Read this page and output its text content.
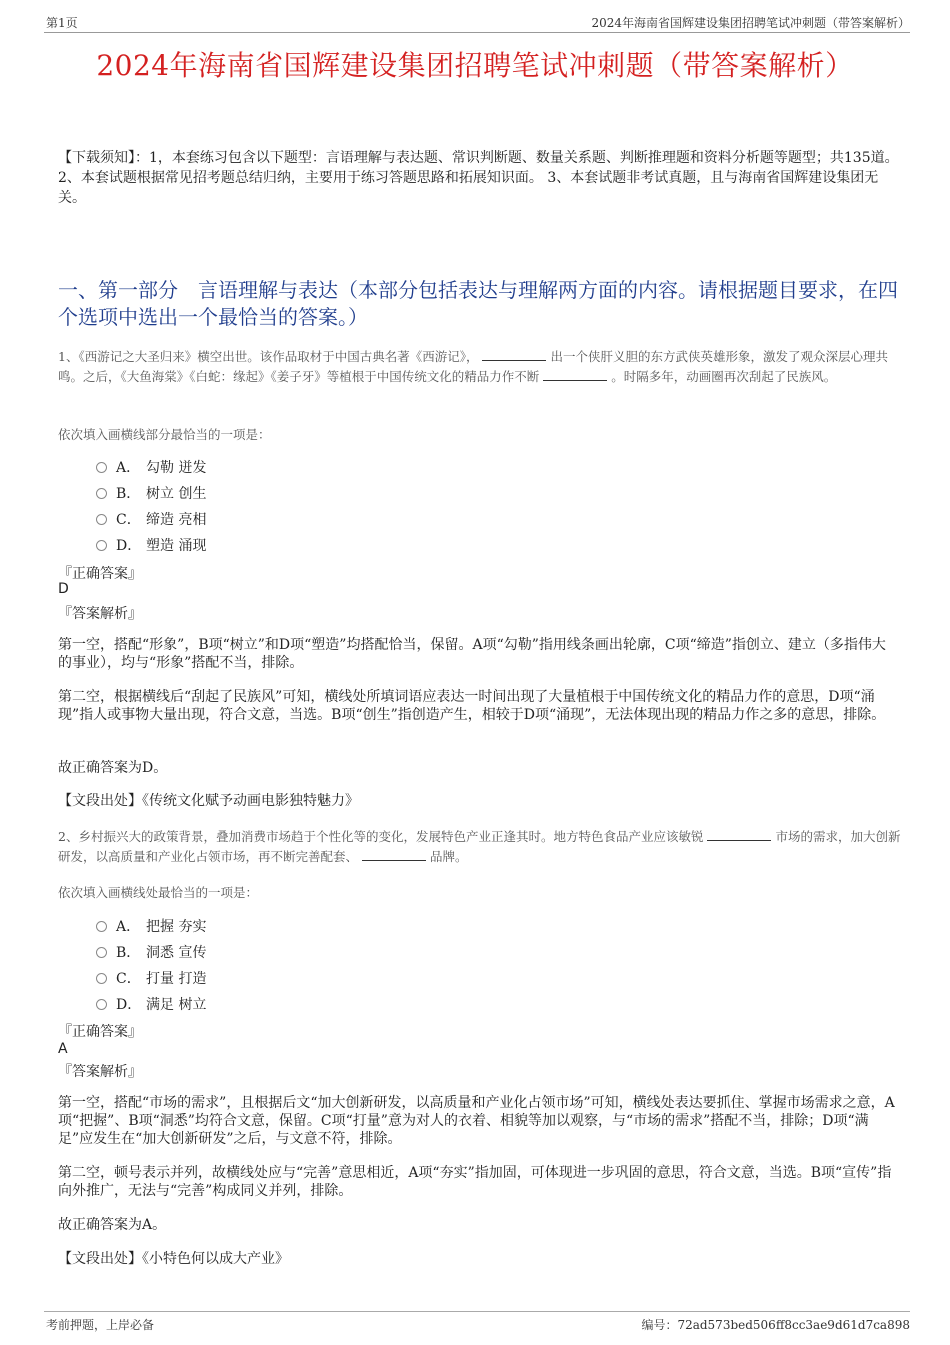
第1页	2024年海南省国辉建设集团招聘笔试冲刺题（带答案解析）
2024年海南省国辉建设集团招聘笔试冲刺题（带答案解析）
【下载须知】：1，本套练习包含以下题型：言语理解与表达题、常识判断题、数量关系题、判断推理题和资料分析题等题型；共135道。 2、本套试题根据常见招考题总结归纳，主要用于练习答题思路和拓展知识面。 3、本套试题非考试真题，且与海南省国辉建设集团无关。
一、第一部分　言语理解与表达（本部分包括表达与理解两方面的内容。请根据题目要求，在四个选项中选出一个最恰当的答案。）
1、《西游记之大圣归来》横空出世。该作品取材于中国古典名著《西游记》，	出一个侠肝义胆的东方武侠英雄形象，激发了观众深层心理共鸣。之后，《大鱼海棠》《白蛇：缘起》《姜子牙》等植根于中国传统文化的精品力作不断	。时隔多年，动画圈再次刮起了民族风。
依次填入画横线部分最恰当的一项是：
A． 勾勒 迸发
B． 树立 创生
C． 缔造 亮相
D． 塑造 涌现
『正确答案』
D
『答案解析』
第一空，搭配“形象”，B项“树立”和D项“塑造”均搭配恰当，保留。A项“勾勒”指用线条画出轮廓，C项“缔造”指创立、建立（多指伟大的事业），均与“形象”搭配不当，排除。
第二空，根据横线后“刮起了民族风”可知，横线处所填词语应表达一时间出现了大量植根于中国传统文化的精品力作的意思，D项“涌现”指人或事物大量出现，符合文意，当选。B项“创生”指创造产生，相较于D项“涌现”，无法体现出现的精品力作之多的意思，排除。
故正确答案为D。
【文段出处】《传统文化赋予动画电影独特魅力》
2、乡村振兴大的政策背景，叠加消费市场趋于个性化等的变化，发展特色产业正逢其时。地方特色食品产业应该敏锐	市场的需求，加大创新研发，以高质量和产业化占领市场，再不断完善配套、	品牌。
依次填入画横线处最恰当的一项是：
A． 把握 夯实
B． 洞悉 宣传
C． 打量 打造
D． 满足 树立
『正确答案』
A
『答案解析』
第一空，搭配“市场的需求”，且根据后文“加大创新研发，以高质量和产业化占领市场”可知，横线处表达要抓住、掌握市场需求之意，A项“把握”、B项“洞悉”均符合文意，保留。C项“打量”意为对人的衣着、相貌等加以观察，与“市场的需求”搭配不当，排除；D项“满足”应发生在“加大创新研发”之后，与文意不符，排除。
第二空，顿号表示并列，故横线处应与“完善”意思相近，A项“夯实”指加固，可体现进一步巩固的意思，符合文意，当选。B项“宣传”指向外推广，无法与“完善”构成同义并列，排除。
故正确答案为A。
【文段出处】《小特色何以成大产业》
考前押题，上岸必备	编号：72ad573bed506ff8cc3ae9d61d7ca898
